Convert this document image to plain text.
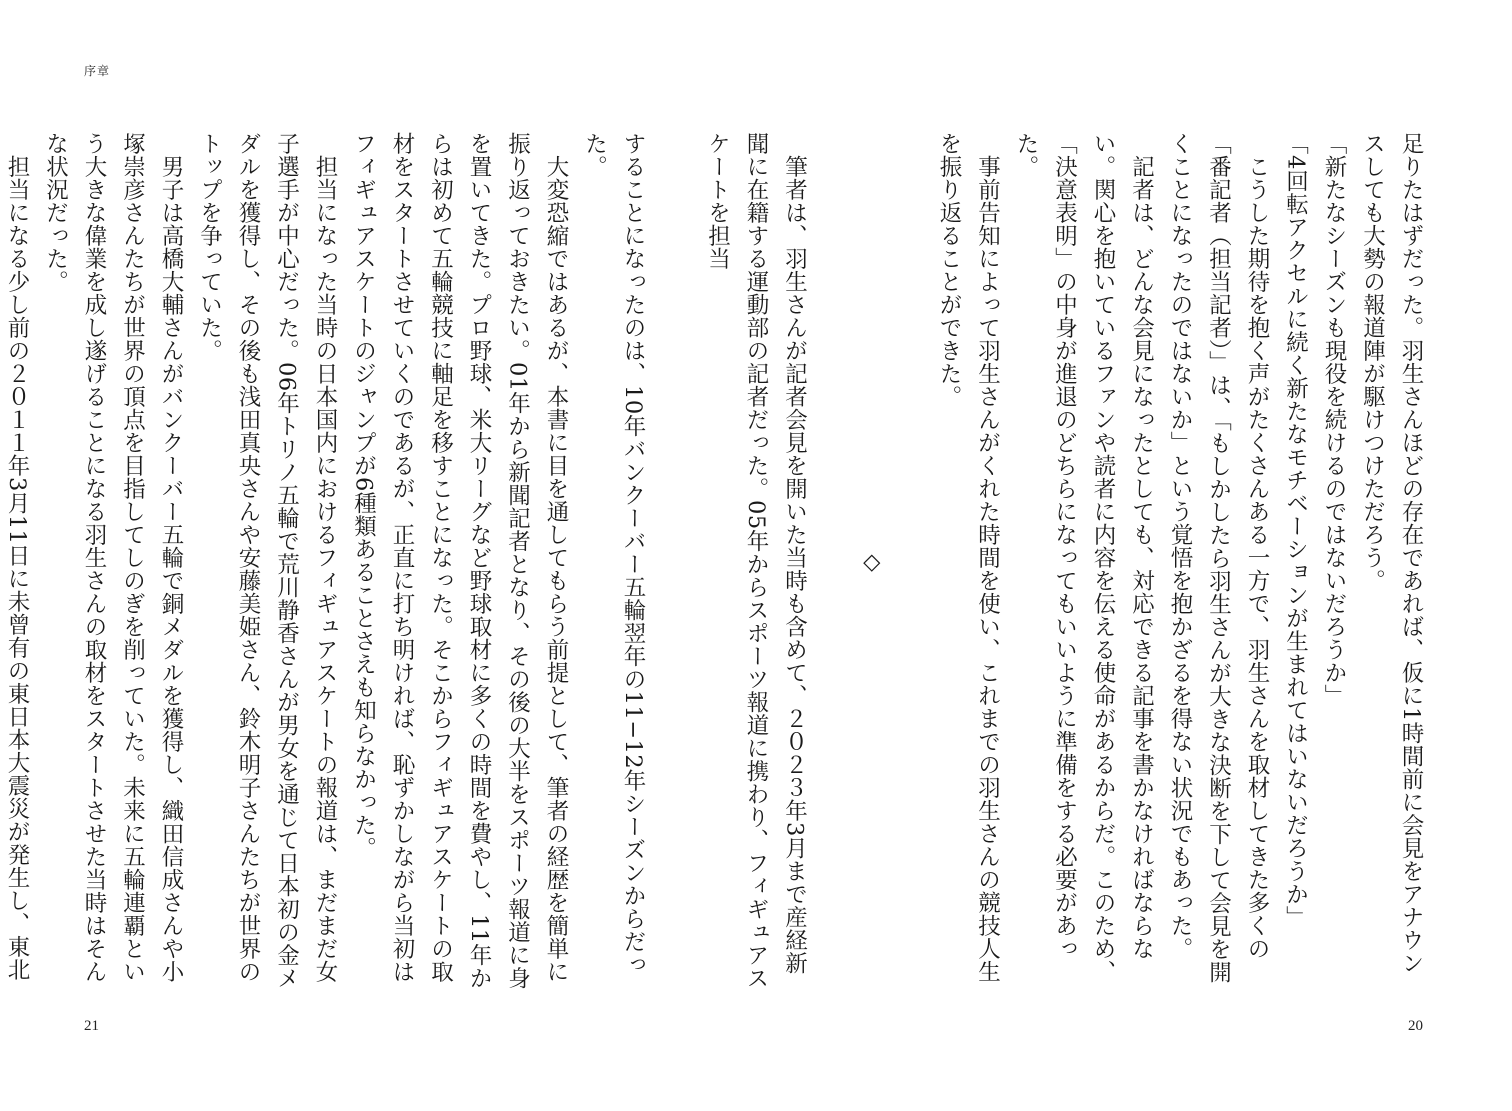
序章

足りたはずだった。羽生さんほどの存在であれば、仮に1時間前に会見をアナウンスしても大勢の報道陣が駆けつけただろう。

「新たなシーズンも現役を続けるのではないだろうか」

「4回転アクセルに続く新たなモチベーションが生まれてはいないだろうか」

こうした期待を抱く声がたくさんある一方で、羽生さんを取材してきた多くの「番記者（担当記者）」は、「もしかしたら羽生さんが大きな決断を下して会見を開くことになったのではないか」という覚悟を抱かざるを得ない状況でもあった。

記者は、どんな会見になったとしても、対応できる記事を書かなければならない。関心を抱いているファンや読者に内容を伝える使命があるからだ。このため、「決意表明」の中身が進退のどちらになってもいいように準備をする必要があった。

事前告知によって羽生さんがくれた時間を使い、これまでの羽生さんの競技人生を振り返ることができた。

◇

筆者は、羽生さんが記者会見を開いた当時も含めて、２０２３年3月まで産経新聞に在籍する運動部の記者だった。05年からスポーツ報道に携わり、フィギュアスケートを担当

することになったのは、10年バンクーバー五輪翌年の11−12年シーズンからだった。

大変恐縮ではあるが、本書に目を通してもらう前提として、筆者の経歴を簡単に振り返っておきたい。01年から新聞記者となり、その後の大半をスポーツ報道に身を置いてきた。プロ野球、米大リーグなど野球取材に多くの時間を費やし、11年からは初めて五輪競技に軸足を移すことになった。そこからフィギュアスケートの取材をスタートさせていくのであるが、正直に打ち明ければ、恥ずかしながら当初はフィギュアスケートのジャンプが6種類あることさえも知らなかった。

担当になった当時の日本国内におけるフィギュアスケートの報道は、まだまだ女子選手が中心だった。06年トリノ五輪で荒川静香さんが男女を通じて日本初の金メダルを獲得し、その後も浅田真央さんや安藤美姫さん、鈴木明子さんたちが世界のトップを争っていた。

男子は高橋大輔さんがバンクーバー五輪で銅メダルを獲得し、織田信成さんや小塚崇彦さんたちが世界の頂点を目指してしのぎを削っていた。未来に五輪連覇という大きな偉業を成し遂げることになる羽生さんの取材をスタートさせた当時はそんな状況だった。

担当になる少し前の２０１１年3月11日に未曾有の東日本大震災が発生し、東北

21	20
